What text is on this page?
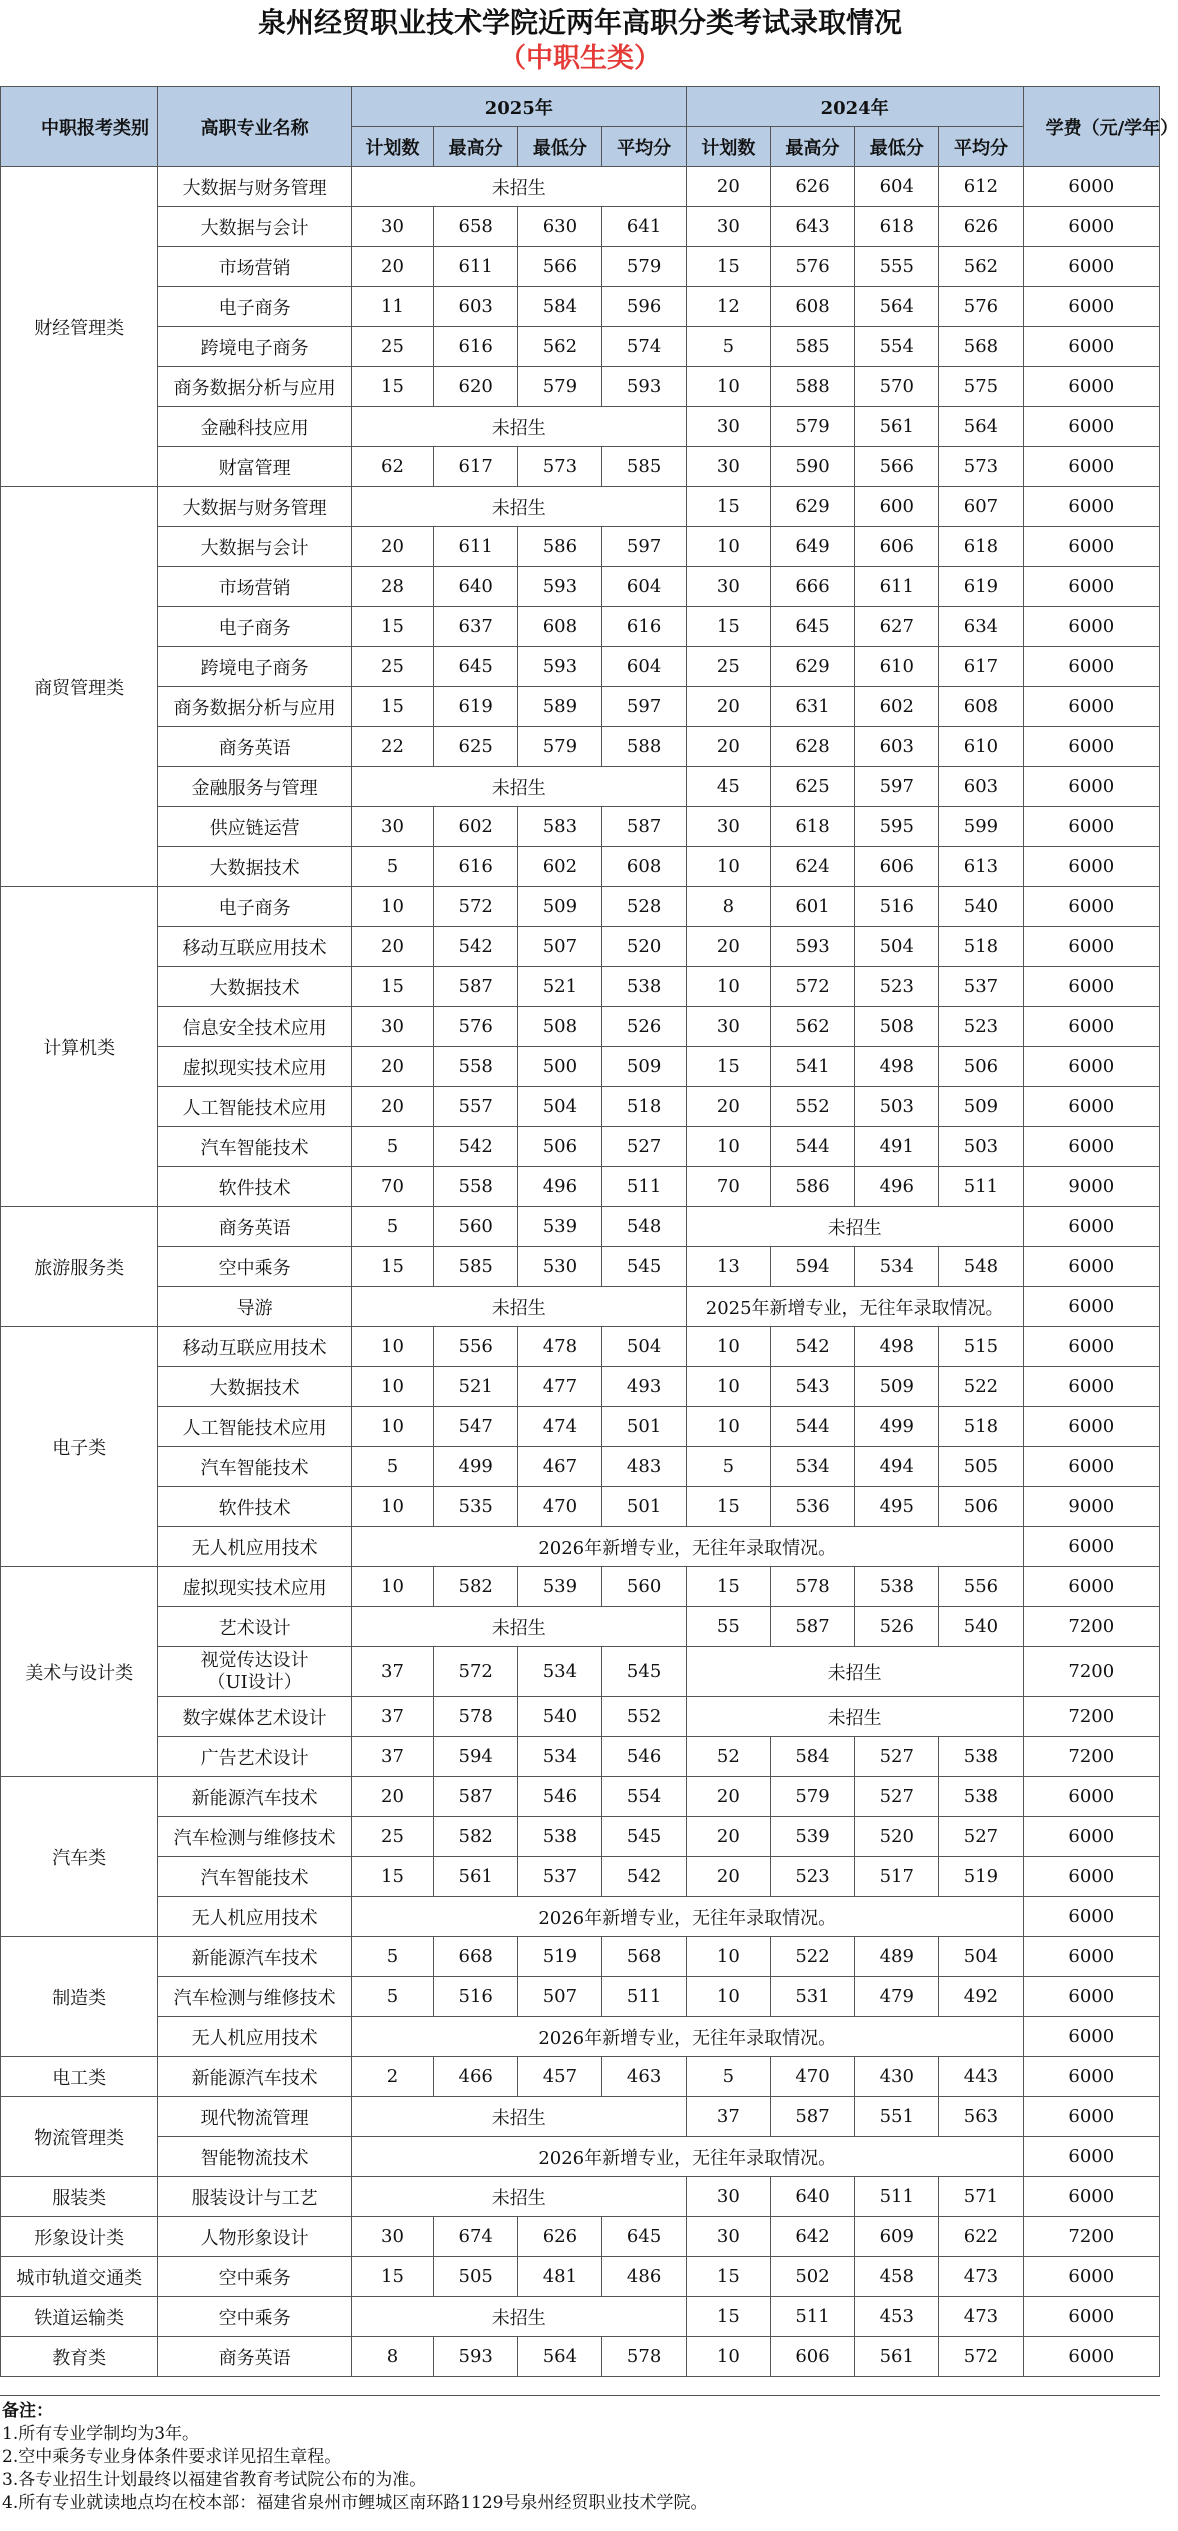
泉州经贸职业技术学院近两年高职分类考试录取情况
（中职生类）
中职报考类别	高职专业名称	2025年				2024年				学费（元/学年）
		计划数	最高分	最低分	平均分	计划数	最高分	最低分	平均分	
财经管理类	大数据与财务管理	未招生				20	626	604	612	6000
	大数据与会计	30	658	630	641	30	643	618	626	6000
	市场营销	20	611	566	579	15	576	555	562	6000
	电子商务	11	603	584	596	12	608	564	576	6000
	跨境电子商务	25	616	562	574	5	585	554	568	6000
	商务数据分析与应用	15	620	579	593	10	588	570	575	6000
	金融科技应用	未招生				30	579	561	564	6000
	财富管理	62	617	573	585	30	590	566	573	6000
商贸管理类	大数据与财务管理	未招生				15	629	600	607	6000
	大数据与会计	20	611	586	597	10	649	606	618	6000
	市场营销	28	640	593	604	30	666	611	619	6000
	电子商务	15	637	608	616	15	645	627	634	6000
	跨境电子商务	25	645	593	604	25	629	610	617	6000
	商务数据分析与应用	15	619	589	597	20	631	602	608	6000
	商务英语	22	625	579	588	20	628	603	610	6000
	金融服务与管理	未招生				45	625	597	603	6000
	供应链运营	30	602	583	587	30	618	595	599	6000
	大数据技术	5	616	602	608	10	624	606	613	6000
计算机类	电子商务	10	572	509	528	8	601	516	540	6000
	移动互联应用技术	20	542	507	520	20	593	504	518	6000
	大数据技术	15	587	521	538	10	572	523	537	6000
	信息安全技术应用	30	576	508	526	30	562	508	523	6000
	虚拟现实技术应用	20	558	500	509	15	541	498	506	6000
	人工智能技术应用	20	557	504	518	20	552	503	509	6000
	汽车智能技术	5	542	506	527	10	544	491	503	6000
	软件技术	70	558	496	511	70	586	496	511	9000
旅游服务类	商务英语	5	560	539	548	未招生				6000
	空中乘务	15	585	530	545	13	594	534	548	6000
	导游	未招生				2025年新增专业，无往年录取情况。				6000
电子类	移动互联应用技术	10	556	478	504	10	542	498	515	6000
	大数据技术	10	521	477	493	10	543	509	522	6000
	人工智能技术应用	10	547	474	501	10	544	499	518	6000
	汽车智能技术	5	499	467	483	5	534	494	505	6000
	软件技术	10	535	470	501	15	536	495	506	9000
	无人机应用技术	2026年新增专业，无往年录取情况。								6000
美术与设计类	虚拟现实技术应用	10	582	539	560	15	578	538	556	6000
	艺术设计	未招生				55	587	526	540	7200
	视觉传达设计（UI设计）	37	572	534	545	未招生				7200
	数字媒体艺术设计	37	578	540	552	未招生				7200
	广告艺术设计	37	594	534	546	52	584	527	538	7200
汽车类	新能源汽车技术	20	587	546	554	20	579	527	538	6000
	汽车检测与维修技术	25	582	538	545	20	539	520	527	6000
	汽车智能技术	15	561	537	542	20	523	517	519	6000
	无人机应用技术	2026年新增专业，无往年录取情况。								6000
制造类	新能源汽车技术	5	668	519	568	10	522	489	504	6000
	汽车检测与维修技术	5	516	507	511	10	531	479	492	6000
	无人机应用技术	2026年新增专业，无往年录取情况。								6000
电工类	新能源汽车技术	2	466	457	463	5	470	430	443	6000
物流管理类	现代物流管理	未招生				37	587	551	563	6000
	智能物流技术	2026年新增专业，无往年录取情况。								6000
服装类	服装设计与工艺	未招生				30	640	511	571	6000
形象设计类	人物形象设计	30	674	626	645	30	642	609	622	7200
城市轨道交通类	空中乘务	15	505	481	486	15	502	458	473	6000
铁道运输类	空中乘务	未招生				15	511	453	473	6000
教育类	商务英语	8	593	564	578	10	606	561	572	6000
备注：
1.所有专业学制均为3年。
2.空中乘务专业身体条件要求详见招生章程。
3.各专业招生计划最终以福建省教育考试院公布的为准。
4.所有专业就读地点均在校本部：福建省泉州市鲤城区南环路1129号泉州经贸职业技术学院。
